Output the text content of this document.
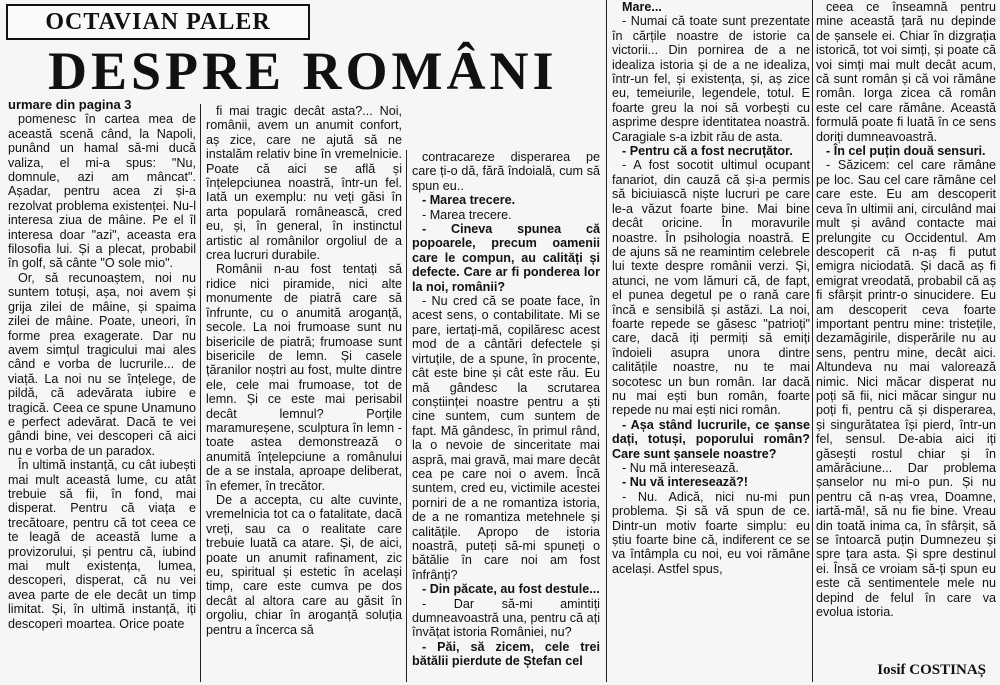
OCTAVIAN PALER
DESPRE ROMÂNI

urmare din pagina 3

pomenesc în cartea mea de această scenă când, la Napoli, punând un hamal să-mi ducă valiza, el mi-a spus: "Nu, domnule, azi am mâncat". Așadar, pentru acea zi și-a rezolvat problema existenței. Nu-l interesa ziua de mâine. Pe el îl interesa doar "azi", aceasta era filosofia lui. Și a plecat, probabil în golf, să cânte "O sole mio".

Or, să recunoaștem, noi nu suntem totuși, așa, noi avem și grija zilei de mâine, și spaima zilei de mâine. Poate, uneori, în forme prea exagerate. Dar nu avem simțul tragicului mai ales când e vorba de lucrurile... de viață. La noi nu se înțelege, de pildă, că adevărata iubire e tragică. Ceea ce spune Unamuno e perfect adevărat. Dacă te vei gândi bine, vei descoperi că aici nu e vorba de un paradox.

În ultimă instanță, cu cât iubești mai mult această lume, cu atât trebuie să fii, în fond, mai disperat. Pentru că viața e trecătoare, pentru că tot ceea ce te leagă de această lume a provizorului, și pentru că, iubind mai mult existența, lumea, descoperi, disperat, că nu vei avea parte de ele decât un timp limitat. Și, în ultimă instanță, iți descoperi moartea. Orice poate

fi mai tragic decât asta?... Noi, românii, avem un anumit confort, aș zice, care ne ajută să ne instalăm relativ bine în vremelnicie. Poate că aici se află și înțelepciunea noastră, într-un fel. Iată un exemplu: nu veți găsi în arta populară românească, cred eu, și, în general, în instinctul artistic al românilor orgoliul de a crea lucruri durabile.

Românii n-au fost tentați să ridice nici piramide, nici alte monumente de piatră care să înfrunte, cu o anumită aroganță, secole. La noi frumoase sunt nu bisericile de piatră; frumoase sunt bisericile de lemn. Și casele țăranilor noștri au fost, multe dintre ele, cele mai frumoase, tot de lemn. Și ce este mai perisabil decât lemnul? Porțile maramureșene, sculptura în lemn - toate astea demonstrează o anumită înțelepciune a românului de a se instala, aproape deliberat, în efemer, în trecător.

De a accepta, cu alte cuvinte, vremelnicia tot ca o fatalitate, dacă vreți, sau ca o realitate care trebuie luată ca atare. Și, de aici, poate un anumit rafinament, zic eu, spiritual și estetic în același timp, care este cumva pe dos decât al altora care au găsit în orgoliu, chiar în aroganță soluția pentru a încerca să

contracareze disperarea pe care ți-o dă, fără îndoială, cum să spun eu..

- Marea trecere.

- Marea trecere.

- Cineva spunea că popoarele, precum oamenii care le compun, au calități și defecte. Care ar fi ponderea lor la noi, românii?

- Nu cred că se poate face, în acest sens, o contabilitate. Mi se pare, iertați-mă, copilăresc acest mod de a cântări defectele și virtuțile, de a spune, în procente, cât este bine și cât este rău. Eu mă gândesc la scrutarea conștiinței noastre pentru a ști cine suntem, cum suntem de fapt. Mă gândesc, în primul rând, la o nevoie de sinceritate mai aspră, mai gravă, mai mare decât cea pe care noi o avem. Încă suntem, cred eu, victimile acestei porniri de a ne romantiza istoria, de a ne romantiza metehnele și calitățile. Apropo de istoria noastră, puteți să-mi spuneți o bătălie în care noi am fost înfrânți?

- Din păcate, au fost destule...

- Dar să-mi amintiți dumneavoastră una, pentru că ați învățat istoria României, nu?

- Păi, să zicem, cele trei bătălii pierdute de Ștefan cel

Mare...

- Numai că toate sunt prezentate în cărțile noastre de istorie ca victorii... Din pornirea de a ne idealiza istoria și de a ne idealiza, într-un fel, și existența, și, aș zice eu, temeiurile, legendele, totul. E foarte greu la noi să vorbești cu asprime despre identitatea noastră. Caragiale s-a izbit rău de asta.

- Pentru că a fost necruțător.

- A fost socotit ultimul ocupant fanariot, din cauză că și-a permis să biciuiască niște lucruri pe care le-a văzut foarte bine. Mai bine decât oricine. În moravurile noastre. În psihologia noastră. E de ajuns să ne reamintim celebrele lui texte despre românii verzi. Și, atunci, ne vom lămuri că, de fapt, el punea degetul pe o rană care încă e sensibilă și astăzi. La noi, foarte repede se găsesc "patrioți" care, dacă iți permiți să emiți îndoieli asupra unora dintre calitățile noastre, nu te mai socotesc un bun român. Iar dacă nu mai ești bun român, foarte repede nu mai ești nici român.

- Așa stând lucrurile, ce șanse dați, totuși, poporului român? Care sunt șansele noastre?

- Nu mă interesează.

- Nu vă interesează?!

- Nu. Adică, nici nu-mi pun problema. Și să vă spun de ce. Dintr-un motiv foarte simplu: eu știu foarte bine că, indiferent ce se va întâmpla cu noi, eu voi rămâne același. Astfel spus,

ceea ce înseamnă pentru mine această țară nu depinde de șansele ei. Chiar în dizgrația istorică, tot voi simți, și poate că voi simți mai mult decât acum, că sunt român și că voi rămâne român. Iorga zicea că român este cel care rămâne. Această formulă poate fi luată în ce sens doriți dumneavoastră.

- În cel puțin două sensuri.

- Săzicem: cel care rămâne pe loc. Sau cel care rămâne cel care este. Eu am descoperit ceva în ultimii ani, circulând mai mult și având contacte mai prelungite cu Occidentul. Am descoperit că n-aș fi putut emigra niciodată. Și dacă aș fi emigrat vreodată, probabil că aș fi sfârșit printr-o sinucidere. Eu am descoperit ceva foarte important pentru mine: tristețile, dezamăgirile, disperările nu au sens, pentru mine, decât aici. Altundeva nu mai valorează nimic. Nici măcar disperat nu poți să fii, nici măcar singur nu poți fi, pentru că și disperarea, și singurătatea își pierd, într-un fel, sensul. De-abia aici iți găsești rostul chiar și în amărăciune... Dar problema șanselor nu mi-o pun. Și nu pentru că n-aș vrea, Doamne, iartă-mă!, să nu fie bine. Vreau din toată inima ca, în sfârșit, să se întoarcă puțin Dumnezeu și spre țara asta. Și spre destinul ei. Însă ce vroiam să-ți spun eu este că sentimentele mele nu depind de felul în care va evolua istoria.

Iosif COSTINAȘ
